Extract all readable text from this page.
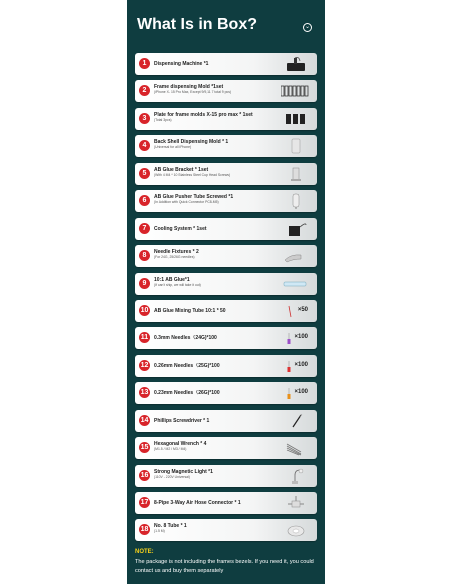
What Is in Box?	⌄
1	Dispensing Machine *1
2	Frame dispensing Mold *1set
(iPhone X- 15 Pro Max, Except 9/9,11 7 total 9 pcs)
3	Plate for frame molds X-15 pro max * 1set
(Total 3pcs)
4	Back Shell Dispensing Mold * 1
(Universal for all iPhone)
5	AB Glue Bracket * 1set
(With 4 M4 * 10 Stainless Steel Cup Head Screws)
6	AB Glue Pusher Tube Screwed *1
(In Addition with Quick Connector PC8-M5)
7	Cooling System * 1set
8	Needle Fixtures * 2
(For 24G, 25/26G needles)
9	10:1 AB Glue*1
(If can't ship, we will take it out)
10	AB Glue Mixing Tube 10:1 * 50	×50
11	0.3mm Needles（24G)*100	×100
12	0.26mm Needles（25G)*100	×100
13	0.23mm Needles（26G)*100	×100
14	Phillips Screwdriver * 1
15	Hexagonal Wrench * 4
(M1.5 / M2 / M3 / M4)
16	Strong Magnetic Light *1
(110V - 220V Universal)
17	8-Pipe 3-Way Air Hose Connector * 1
18	No. 8 Tube * 1
(1.5 M)
NOTE:
The package is not including the frames bezels. If you need it, you could contact us and buy them separately
